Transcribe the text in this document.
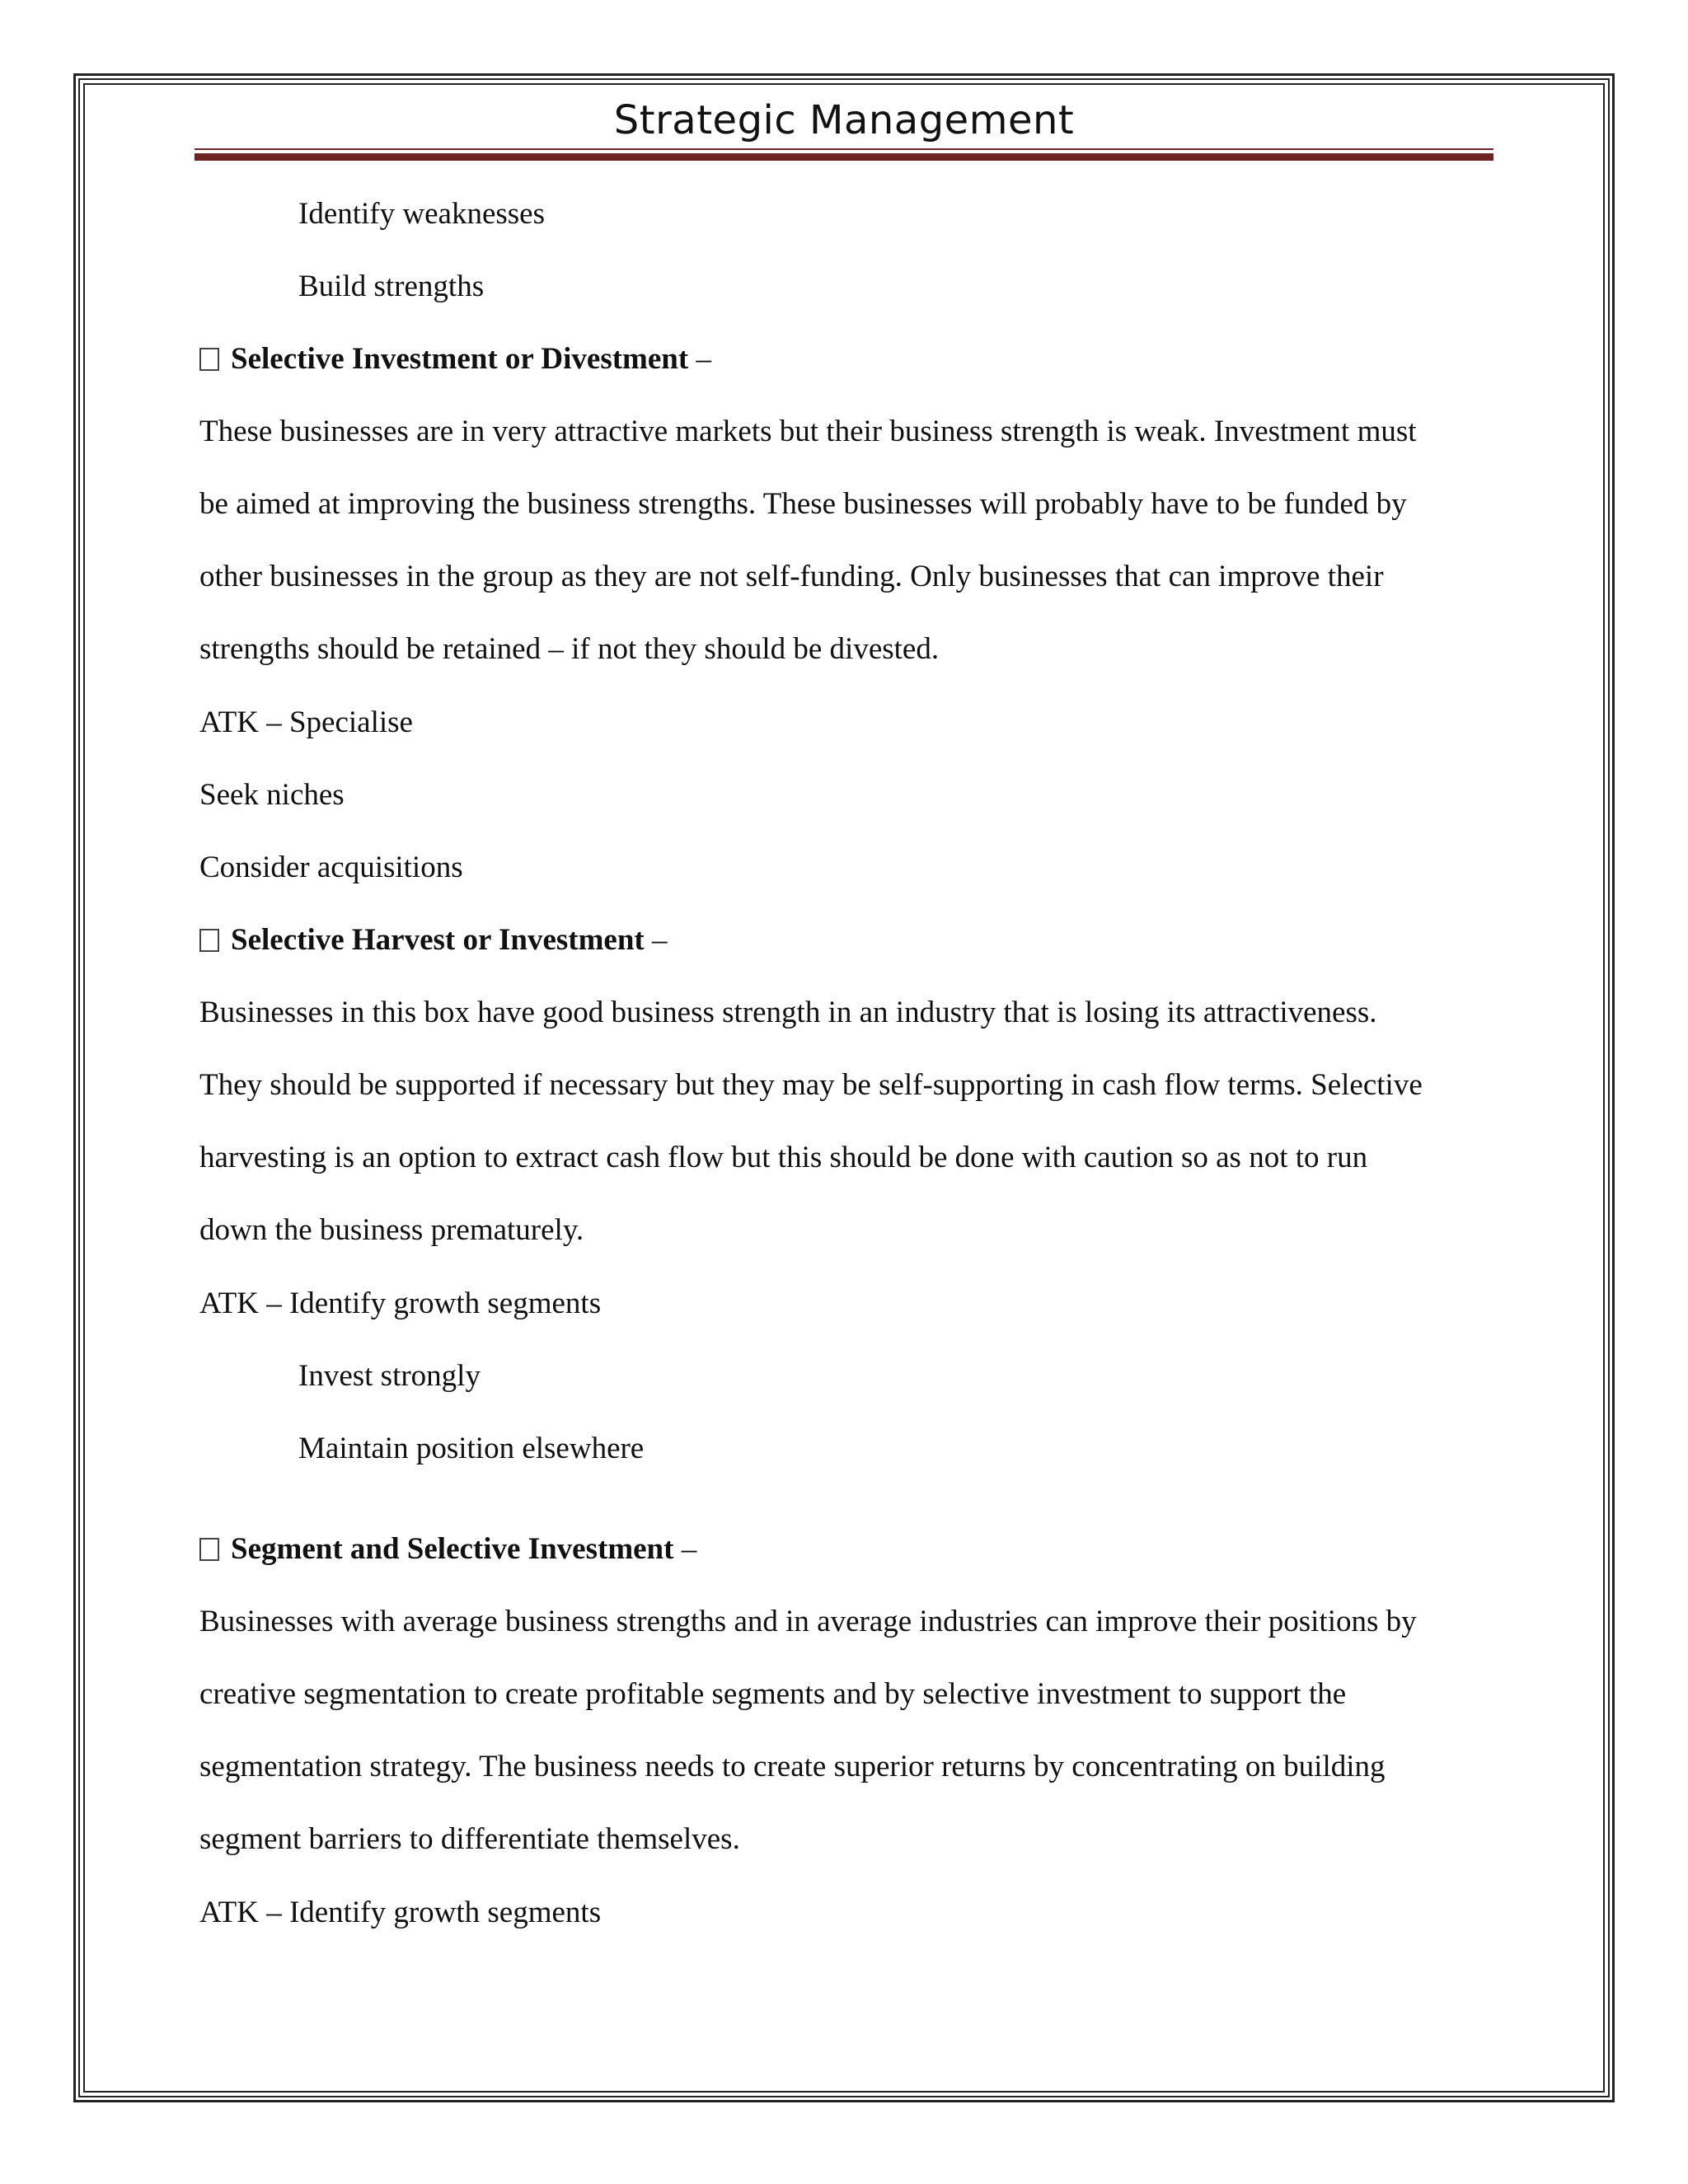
Strategic Management
Identify weaknesses
Build strengths
Selective Investment or Divestment –
These businesses are in very attractive markets but their business strength is weak. Investment must
be aimed at improving the business strengths. These businesses will probably have to be funded by
other businesses in the group as they are not self-funding. Only businesses that can improve their
strengths should be retained – if not they should be divested.
ATK – Specialise
Seek niches
Consider acquisitions
Selective Harvest or Investment –
Businesses in this box have good business strength in an industry that is losing its attractiveness.
They should be supported if necessary but they may be self-supporting in cash flow terms. Selective
harvesting is an option to extract cash flow but this should be done with caution so as not to run
down the business prematurely.
ATK – Identify growth segments
Invest strongly
Maintain position elsewhere
Segment and Selective Investment –
Businesses with average business strengths and in average industries can improve their positions by
creative segmentation to create profitable segments and by selective investment to support the
segmentation strategy. The business needs to create superior returns by concentrating on building
segment barriers to differentiate themselves.
ATK – Identify growth segments
